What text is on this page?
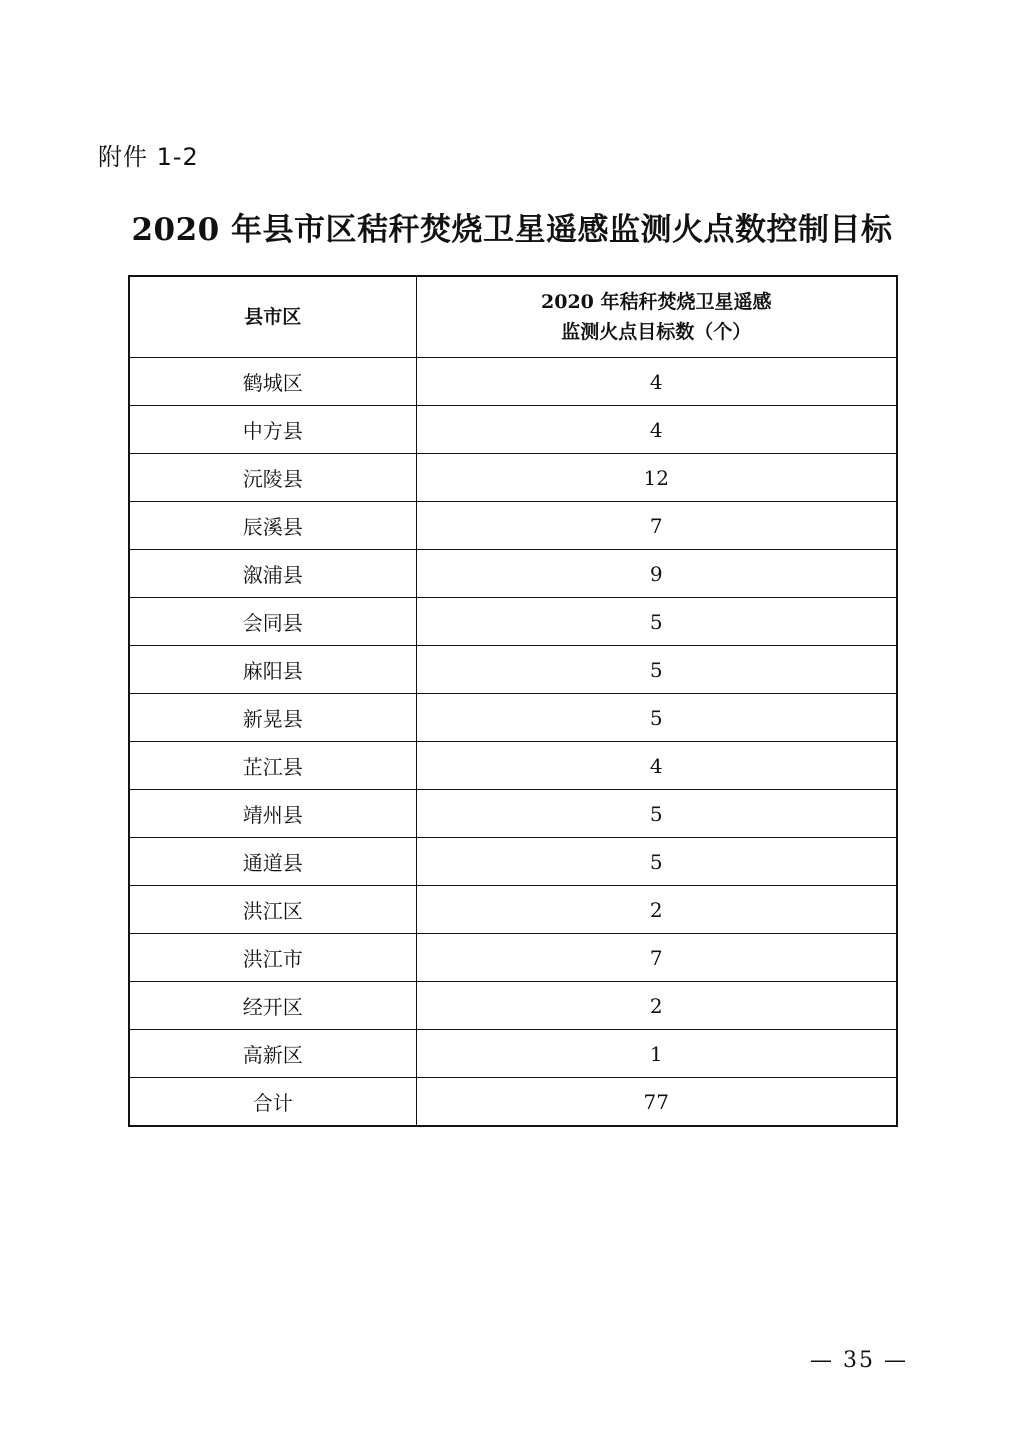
附件 1-2
2020 年县市区秸秆焚烧卫星遥感监测火点数控制目标
县市区	2020 年秸秆焚烧卫星遥感
监测火点目标数（个）

鹤城区	4
中方县	4
沅陵县	12
辰溪县	7
溆浦县	9
会同县	5
麻阳县	5
新晃县	5
芷江县	4
靖州县	5
通道县	5
洪江区	2
洪江市	7
经开区	2
高新区	1
合计	77
— 35 —
